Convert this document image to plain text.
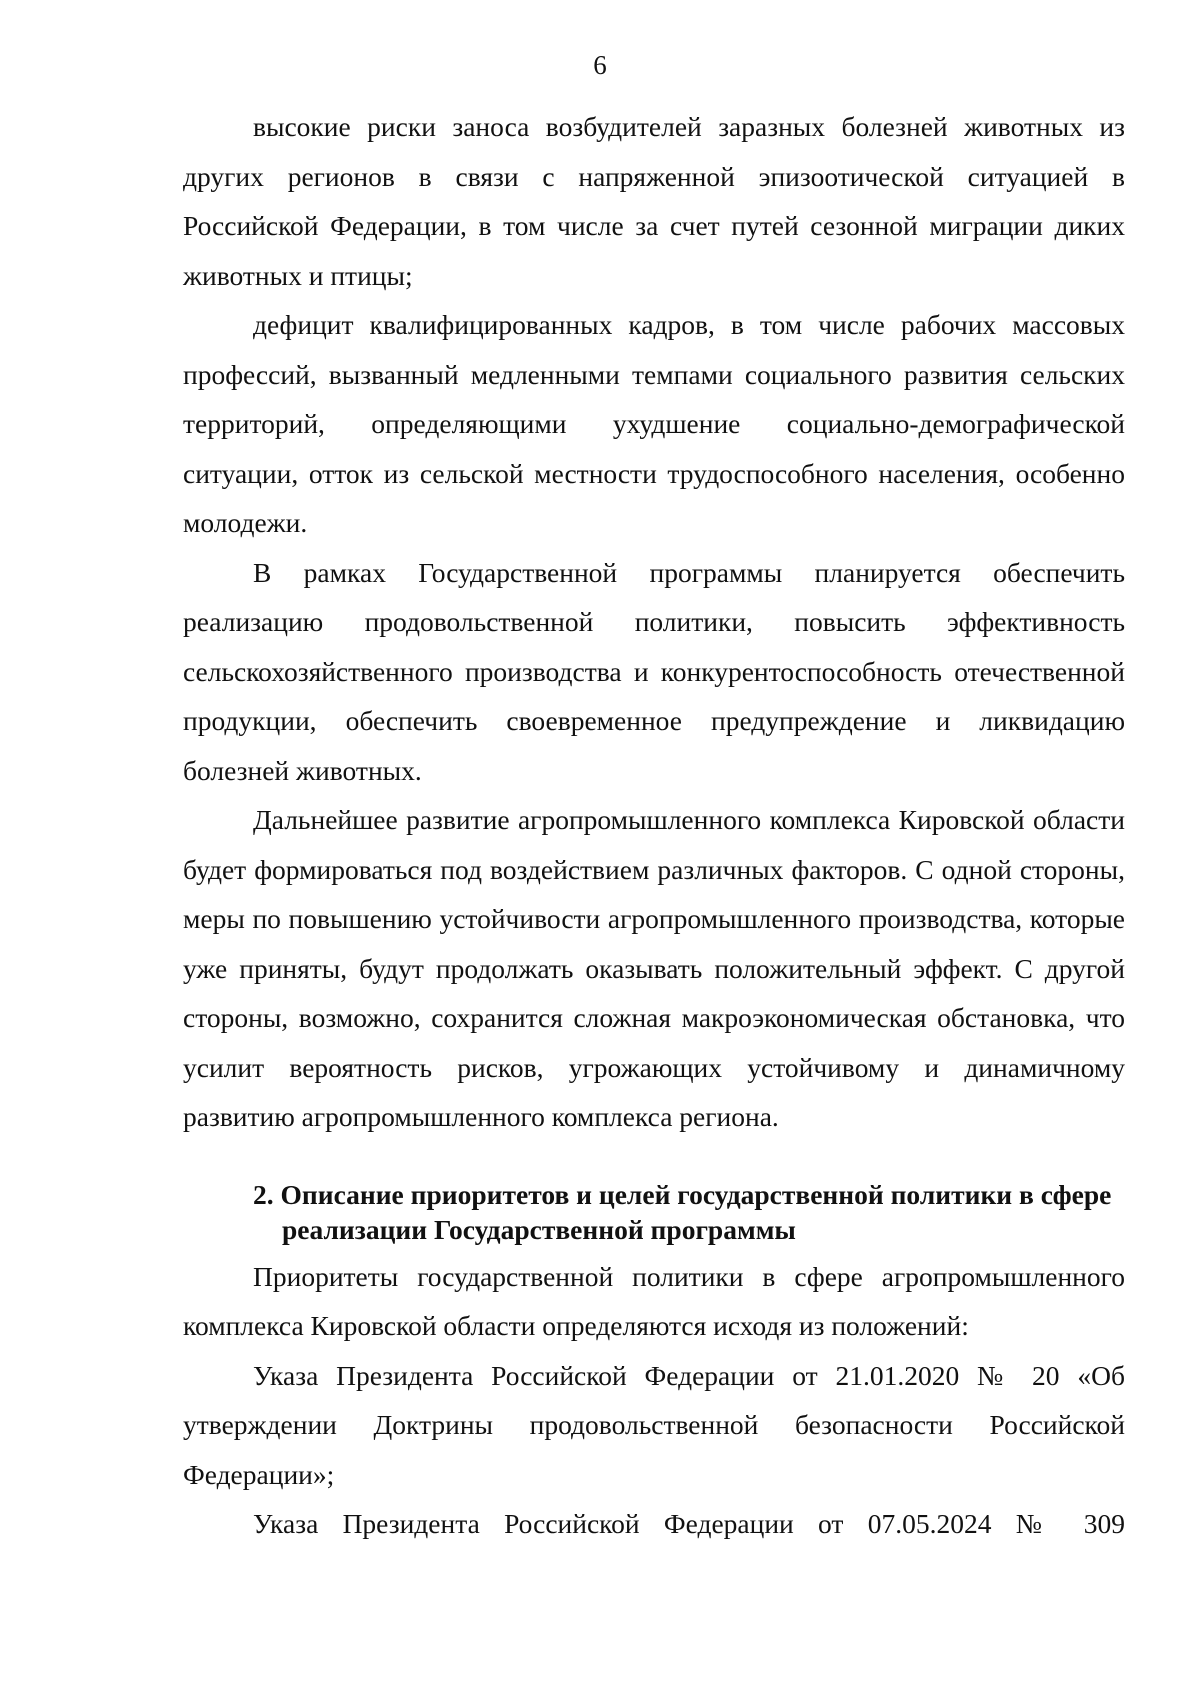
6

высокие риски заноса возбудителей заразных болезней животных из других регионов в связи с напряженной эпизоотической ситуацией в Российской Федерации, в том числе за счет путей сезонной миграции диких животных и птицы;

дефицит квалифицированных кадров, в том числе рабочих массовых профессий, вызванный медленными темпами социального развития сельских территорий, определяющими ухудшение социально-демографической ситуации, отток из сельской местности трудоспособного населения, особенно молодежи.

В рамках Государственной программы планируется обеспечить реализацию продовольственной политики, повысить эффективность сельскохозяйственного производства и конкурентоспособность отечественной продукции, обеспечить своевременное предупреждение и ликвидацию болезней животных.

Дальнейшее развитие агропромышленного комплекса Кировской области будет формироваться под воздействием различных факторов. С одной стороны, меры по повышению устойчивости агропромышленного производства, которые уже приняты, будут продолжать оказывать положительный эффект. С другой стороны, возможно, сохранится сложная макроэкономическая обстановка, что усилит вероятность рисков, угрожающих устойчивому и динамичному развитию агропромышленного комплекса региона.

2. Описание приоритетов и целей государственной политики в сфере
реализации Государственной программы

Приоритеты государственной политики в сфере агропромышленного комплекса Кировской области определяются исходя из положений:

Указа Президента Российской Федерации от 21.01.2020 № 20 «Об утверждении Доктрины продовольственной безопасности Российской Федерации»;

Указа Президента Российской Федерации от 07.05.2024 № 309
